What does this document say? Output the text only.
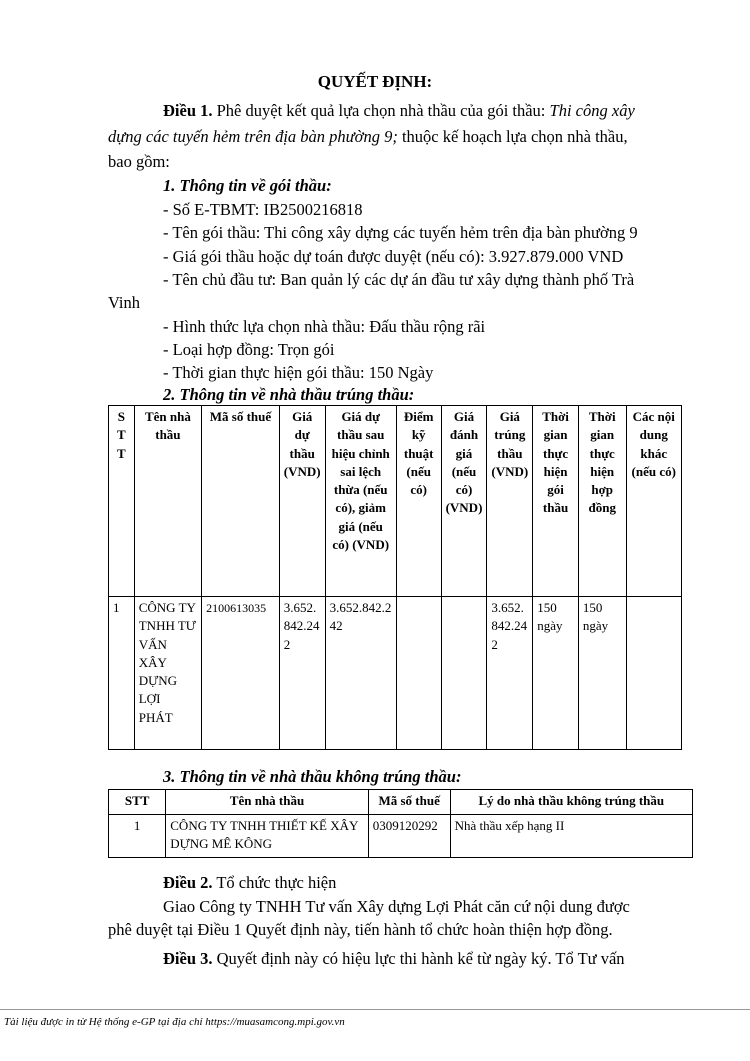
QUYẾT ĐỊNH:
Điều 1. Phê duyệt kết quả lựa chọn nhà thầu của gói thầu: Thi công xây
dựng các tuyến hẻm trên địa bàn phường 9; thuộc kế hoạch lựa chọn nhà thầu,
bao gồm:
1. Thông tin về gói thầu:
- Số E-TBMT: IB2500216818
- Tên gói thầu: Thi công xây dựng các tuyến hẻm trên địa bàn phường 9
- Giá gói thầu hoặc dự toán được duyệt (nếu có): 3.927.879.000 VND
- Tên chủ đầu tư: Ban quản lý các dự án đầu tư xây dựng thành phố Trà
Vinh
- Hình thức lựa chọn nhà thầu: Đấu thầu rộng rãi
- Loại hợp đồng: Trọn gói
- Thời gian thực hiện gói thầu: 150 Ngày
2. Thông tin về nhà thầu trúng thầu:
S T T	Tên nhà thầu	Mã số thuế	Giá dự thầu (VND)	Giá dự thầu sau hiệu chỉnh sai lệch thừa (nếu có), giảm giá (nếu có) (VND)	Điểm kỹ thuật (nếu có)	Giá đánh giá (nếu có) (VND)	Giá trúng thầu (VND)	Thời gian thực hiện gói thầu	Thời gian thực hiện hợp đồng	Các nội dung khác (nếu có)
1	CÔNG TY TNHH TƯ VẤN XÂY DỰNG LỢI PHÁT	2100613035	3.652.842.242	3.652.842.242			3.652.842.242	150 ngày	150 ngày	
3. Thông tin về nhà thầu không trúng thầu:
STT	Tên nhà thầu	Mã số thuế	Lý do nhà thầu không trúng thầu
1	CÔNG TY TNHH THIẾT KẾ XÂY DỰNG MÊ KÔNG	0309120292	Nhà thầu xếp hạng II
Điều 2. Tổ chức thực hiện
Giao Công ty TNHH Tư vấn Xây dựng Lợi Phát căn cứ nội dung được
phê duyệt tại Điều 1 Quyết định này, tiến hành tổ chức hoàn thiện hợp đồng.
Điều 3. Quyết định này có hiệu lực thi hành kể từ ngày ký. Tổ Tư vấn
Tài liệu được in từ Hệ thống e-GP tại địa chỉ https://muasamcong.mpi.gov.vn
